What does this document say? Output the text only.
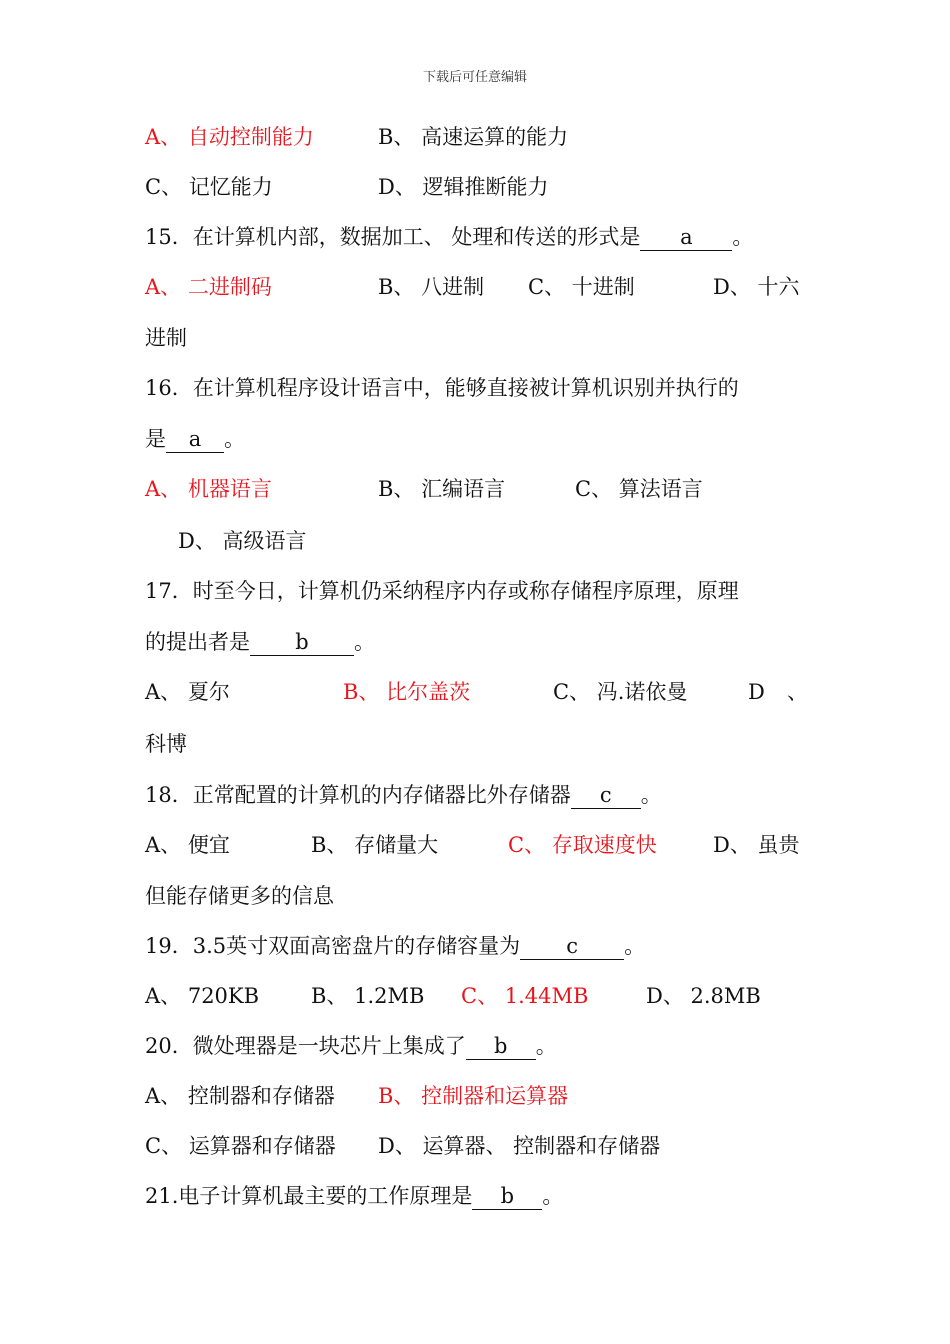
下载后可任意编辑
A、 自动控制能力	B、 高速运算的能力
C、 记忆能力	D、 逻辑推断能力
15．在计算机内部，数据加工、 处理和传送的形式是 a 。
A、 二进制码	B、 八进制 C、 十进制	D、 十六
进制
16．在计算机程序设计语言中，能够直接被计算机识别并执行的
是 a 。
A、 机器语言	B、 汇编语言	C、 算法语言
D、 高级语言
17．时至今日，计算机仍采纳程序内存或称存储程序原理，原理
的提出者是 b 。
A、 夏尔	B、 比尔盖茨	C、 冯.诺依曼	D 、
科博
18．正常配置的计算机的内存储器比外存储器 c 。
A、 便宜	B、 存储量大	C、 存取速度快	D、 虽贵
但能存储更多的信息
19．3.5英寸双面高密盘片的存储容量为 c 。
A、 720KB B、 1.2MB C、 1.44MB	D、 2.8MB
20．微处理器是一块芯片上集成了 b 。
A、 控制器和存储器 B、 控制器和运算器
C、 运算器和存储器 D、 运算器、 控制器和存储器
21.电子计算机最主要的工作原理是 b 。
